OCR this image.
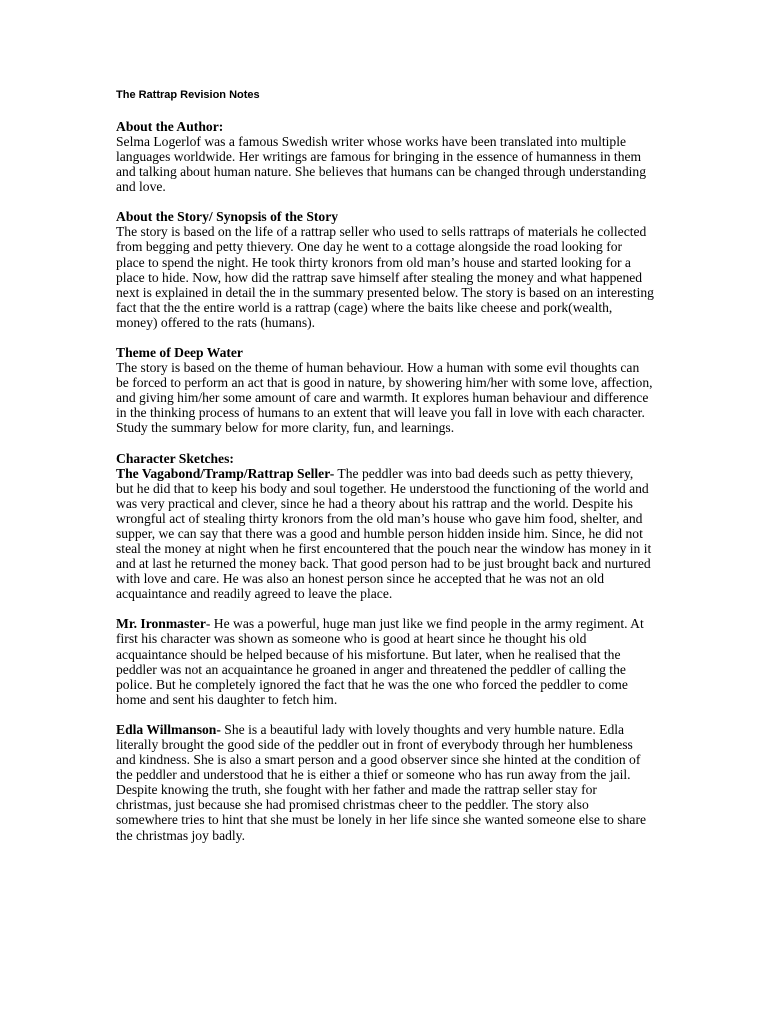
The Rattrap Revision Notes
About the Author:

Selma Logerlof was a famous Swedish writer whose works have been translated into multiple languages worldwide. Her writings are famous for bringing in the essence of humanness in them and talking about human nature. She believes that humans can be changed through understanding and love.

About the Story/ Synopsis of the Story

The story is based on the life of a rattrap seller who used to sells rattraps of materials he collected from begging and petty thievery. One day he went to a cottage alongside the road looking for place to spend the night. He took thirty kronors from old man’s house and started looking for a place to hide. Now, how did the rattrap save himself after stealing the money and what happened next is explained in detail the in the summary presented below. The story is based on an interesting fact that the the entire world is a rattrap (cage) where the baits like cheese and pork(wealth, money) offered to the rats (humans).

Theme of Deep Water

The story is based on the theme of human behaviour. How a human with some evil thoughts can be forced to perform an act that is good in nature, by showering him/her with some love, affection, and giving him/her some amount of care and warmth. It explores human behaviour and difference in the thinking process of humans to an extent that will leave you fall in love with each character. Study the summary below for more clarity, fun, and learnings.

Character Sketches:

The Vagabond/Tramp/Rattrap Seller- The peddler was into bad deeds such as petty thievery, but he did that to keep his body and soul together. He understood the functioning of the world and was very practical and clever, since he had a theory about his rattrap and the world. Despite his wrongful act of stealing thirty kronors from the old man’s house who gave him food, shelter, and supper, we can say that there was a good and humble person hidden inside him. Since, he did not steal the money at night when he first encountered that the pouch near the window has money in it and at last he returned the money back. That good person had to be just brought back and nurtured with love and care. He was also an honest person since he accepted that he was not an old acquaintance and readily agreed to leave the place.

Mr. Ironmaster- He was a powerful, huge man just like we find people in the army regiment. At first his character was shown as someone who is good at heart since he thought his old acquaintance should be helped because of his misfortune. But later, when he realised that the peddler was not an acquaintance he groaned in anger and threatened the peddler of calling the police. But he completely ignored the fact that he was the one who forced the peddler to come home and sent his daughter to fetch him.

Edla Willmanson- She is a beautiful lady with lovely thoughts and very humble nature. Edla literally brought the good side of the peddler out in front of everybody through her humbleness and kindness. She is also a smart person and a good observer since she hinted at the condition of the peddler and understood that he is either a thief or someone who has run away from the jail. Despite knowing the truth, she fought with her father and made the rattrap seller stay for christmas, just because she had promised christmas cheer to the peddler. The story also somewhere tries to hint that she must be lonely in her life since she wanted someone else to share the christmas joy badly.
